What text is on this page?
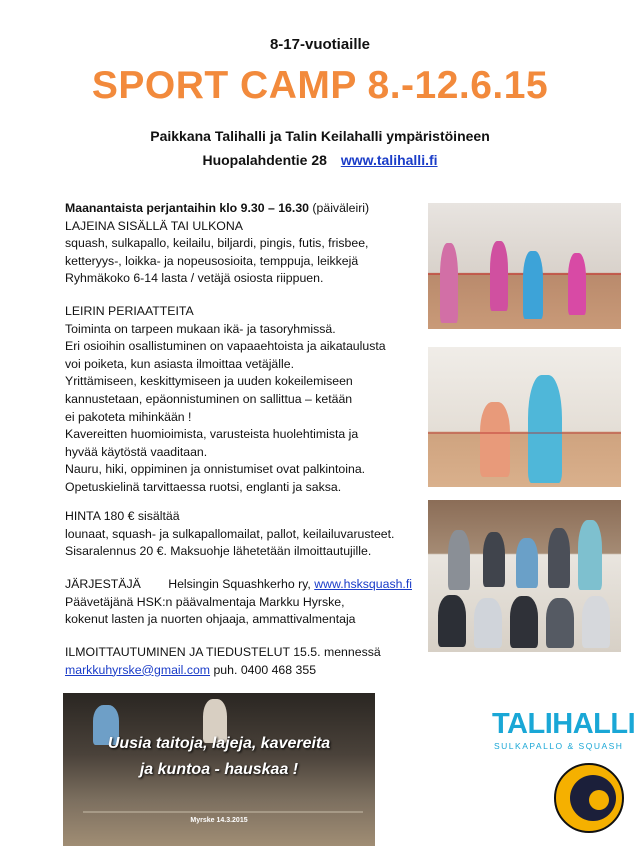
8-17-vuotiaille
SPORT CAMP 8.-12.6.15
Paikkana Talihalli ja Talin Keilahalli ympäristöineen
Huopalahdentie 28 www.talihalli.fi

Maanantaista perjantaihin klo 9.30 – 16.30 (päiväleiri)

LAJEINA SISÄLLÄ TAI ULKONA

squash, sulkapallo, keilailu, biljardi, pingis, futis, frisbee,

ketteryys-, loikka- ja nopeusosioita, temppuja, leikkejä

Ryhmäkoko 6-14 lasta / vetäjä osiosta riippuen.

LEIRIN PERIAATTEITA

Toiminta on tarpeen mukaan ikä- ja tasoryhmissä.

Eri osioihin osallistuminen on vapaaehtoista ja aikataulusta

voi poiketa, kun asiasta ilmoittaa vetäjälle.

Yrittämiseen, keskittymiseen ja uuden kokeilemiseen

kannustetaan, epäonnistuminen on sallittua – ketään

ei pakoteta mihinkään !

Kavereitten huomioimista, varusteista huolehtimista ja

hyvää käytöstä vaaditaan.

Nauru, hiki, oppiminen ja onnistumiset ovat palkintoina.

Opetuskielinä tarvittaessa ruotsi, englanti ja saksa.

HINTA 180 € sisältää

lounaat, squash- ja sulkapallomailat, pallot, keilailuvarusteet.

Sisaralennus 20 €. Maksuohje lähetetään ilmoittautujille.

JÄRJESTÄJÄ Helsingin Squashkerho ry, www.hsksquash.fi

Päävetäjänä HSK:n päävalmentaja Markku Hyrske,

kokenut lasten ja nuorten ohjaaja, ammattivalmentaja

ILMOITTAUTUMINEN JA TIEDUSTELUT 15.5. mennessä

markkuhyrske@gmail.com puh. 0400 468 355

Uusia taitoja, lajeja, kavereita
ja kuntoa - hauskaa !
Myrske 14.3.2015
TALIHALLI
SULKAPALLO & SQUASH
